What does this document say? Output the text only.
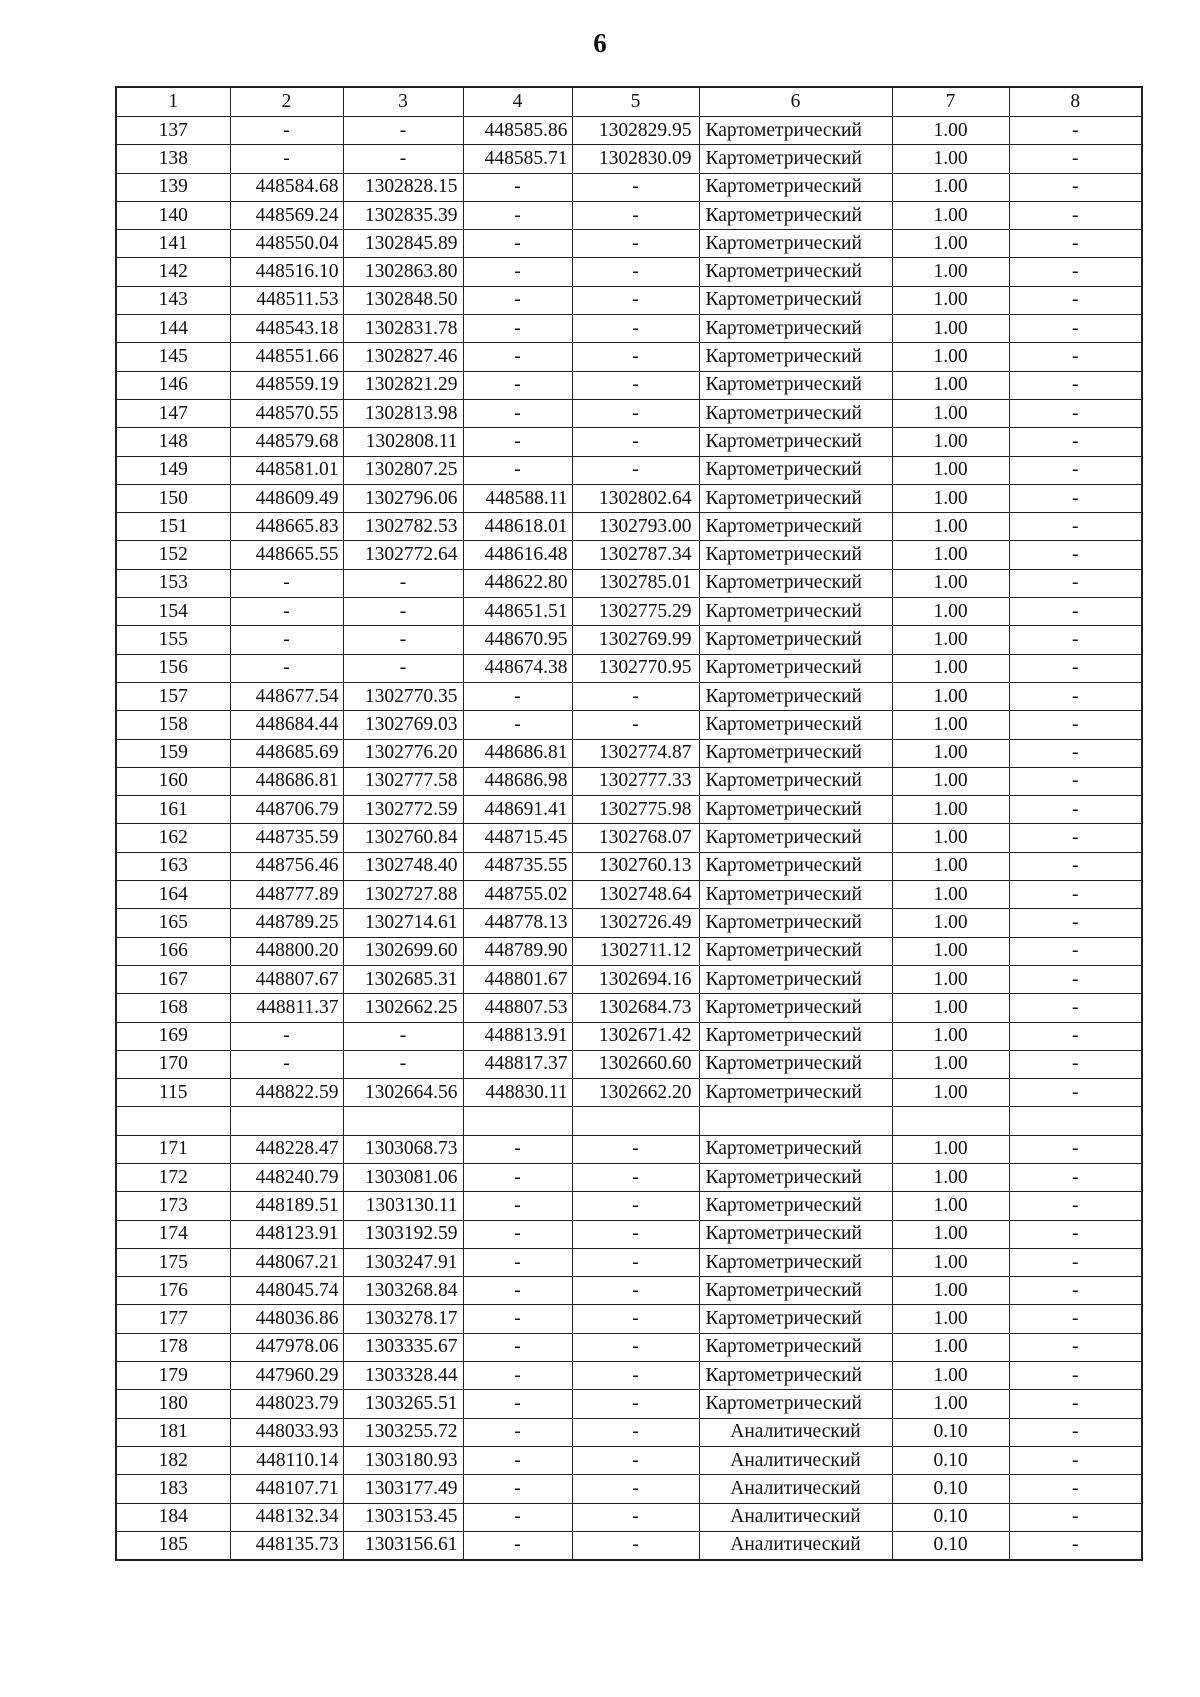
6
1	2	3	4	5	6	7	8
137	-	-	448585.86	1302829.95	Картометрический	1.00	-
138	-	-	448585.71	1302830.09	Картометрический	1.00	-
139	448584.68	1302828.15	-	-	Картометрический	1.00	-
140	448569.24	1302835.39	-	-	Картометрический	1.00	-
141	448550.04	1302845.89	-	-	Картометрический	1.00	-
142	448516.10	1302863.80	-	-	Картометрический	1.00	-
143	448511.53	1302848.50	-	-	Картометрический	1.00	-
144	448543.18	1302831.78	-	-	Картометрический	1.00	-
145	448551.66	1302827.46	-	-	Картометрический	1.00	-
146	448559.19	1302821.29	-	-	Картометрический	1.00	-
147	448570.55	1302813.98	-	-	Картометрический	1.00	-
148	448579.68	1302808.11	-	-	Картометрический	1.00	-
149	448581.01	1302807.25	-	-	Картометрический	1.00	-
150	448609.49	1302796.06	448588.11	1302802.64	Картометрический	1.00	-
151	448665.83	1302782.53	448618.01	1302793.00	Картометрический	1.00	-
152	448665.55	1302772.64	448616.48	1302787.34	Картометрический	1.00	-
153	-	-	448622.80	1302785.01	Картометрический	1.00	-
154	-	-	448651.51	1302775.29	Картометрический	1.00	-
155	-	-	448670.95	1302769.99	Картометрический	1.00	-
156	-	-	448674.38	1302770.95	Картометрический	1.00	-
157	448677.54	1302770.35	-	-	Картометрический	1.00	-
158	448684.44	1302769.03	-	-	Картометрический	1.00	-
159	448685.69	1302776.20	448686.81	1302774.87	Картометрический	1.00	-
160	448686.81	1302777.58	448686.98	1302777.33	Картометрический	1.00	-
161	448706.79	1302772.59	448691.41	1302775.98	Картометрический	1.00	-
162	448735.59	1302760.84	448715.45	1302768.07	Картометрический	1.00	-
163	448756.46	1302748.40	448735.55	1302760.13	Картометрический	1.00	-
164	448777.89	1302727.88	448755.02	1302748.64	Картометрический	1.00	-
165	448789.25	1302714.61	448778.13	1302726.49	Картометрический	1.00	-
166	448800.20	1302699.60	448789.90	1302711.12	Картометрический	1.00	-
167	448807.67	1302685.31	448801.67	1302694.16	Картометрический	1.00	-
168	448811.37	1302662.25	448807.53	1302684.73	Картометрический	1.00	-
169	-	-	448813.91	1302671.42	Картометрический	1.00	-
170	-	-	448817.37	1302660.60	Картометрический	1.00	-
115	448822.59	1302664.56	448830.11	1302662.20	Картометрический	1.00	-

171	448228.47	1303068.73	-	-	Картометрический	1.00	-
172	448240.79	1303081.06	-	-	Картометрический	1.00	-
173	448189.51	1303130.11	-	-	Картометрический	1.00	-
174	448123.91	1303192.59	-	-	Картометрический	1.00	-
175	448067.21	1303247.91	-	-	Картометрический	1.00	-
176	448045.74	1303268.84	-	-	Картометрический	1.00	-
177	448036.86	1303278.17	-	-	Картометрический	1.00	-
178	447978.06	1303335.67	-	-	Картометрический	1.00	-
179	447960.29	1303328.44	-	-	Картометрический	1.00	-
180	448023.79	1303265.51	-	-	Картометрический	1.00	-
181	448033.93	1303255.72	-	-	Аналитический	0.10	-
182	448110.14	1303180.93	-	-	Аналитический	0.10	-
183	448107.71	1303177.49	-	-	Аналитический	0.10	-
184	448132.34	1303153.45	-	-	Аналитический	0.10	-
185	448135.73	1303156.61	-	-	Аналитический	0.10	-
